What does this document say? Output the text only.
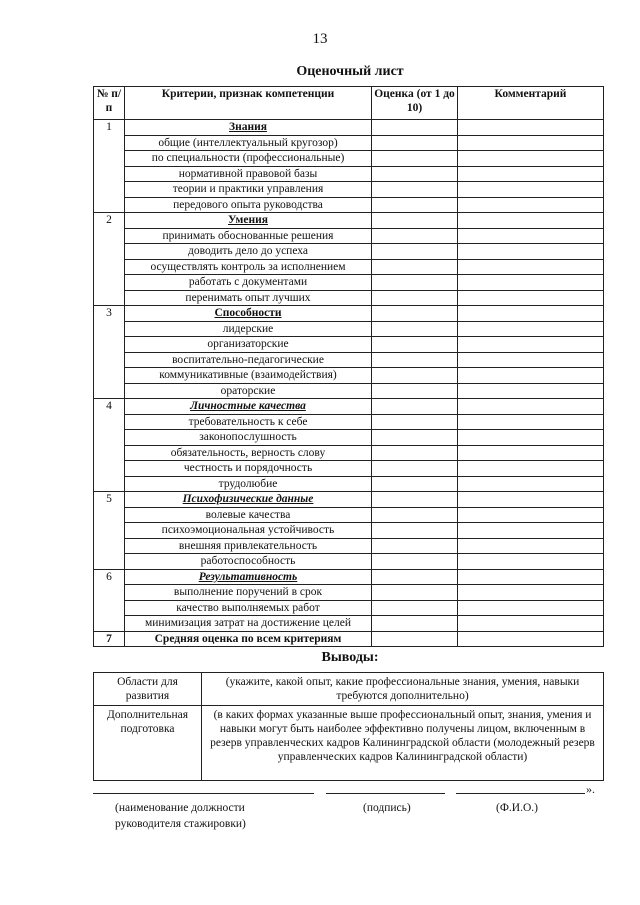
13
Оценочный лист
№ п/п	Критерии, признак компетенции	Оценка (от 1 до 10)	Комментарий
1	Знания		
	общие (интеллектуальный кругозор)		
	по специальности (профессиональные)		
	нормативной правовой базы		
	теории и практики управления		
	передового опыта руководства		
2	Умения		
	принимать обоснованные решения		
	доводить дело до успеха		
	осуществлять контроль за исполнением		
	работать с документами		
	перенимать опыт лучших		
3	Способности		
	лидерские		
	организаторские		
	воспитательно-педагогические		
	коммуникативные (взаимодействия)		
	ораторские		
4	Личностные качества		
	требовательность к себе		
	законопослушность		
	обязательность, верность слову		
	честность и порядочность		
	трудолюбие		
5	Психофизические данные		
	волевые качества		
	психоэмоциональная устойчивость		
	внешняя привлекательность		
	работоспособность		
6	Результативность		
	выполнение поручений в срок		
	качество выполняемых работ		
	минимизация затрат на достижение целей		
7	Средняя оценка по всем критериям		
Выводы:
Области для развития	(укажите, какой опыт, какие профессиональные знания, умения, навыки требуются дополнительно)
Дополнительная подготовка	(в каких формах указанные выше профессиональный опыт, знания, умения и навыки могут быть наиболее эффективно получены лицом, включенным в резерв управленческих кадров Калининградской области (молодежный резерв управленческих кадров Калининградской области)
».
(наименование должности руководителя стажировки)
(подпись)	(Ф.И.О.)
